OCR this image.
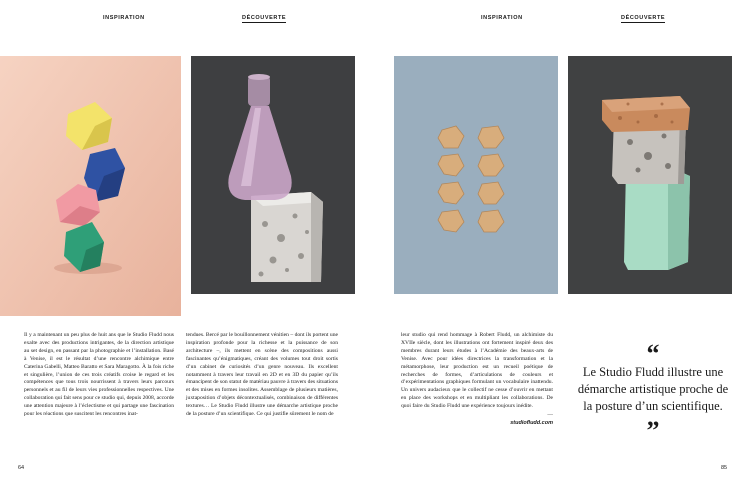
INSPIRATION	DÉCOUVERTE	INSPIRATION	DÉCOUVERTE

Il y a maintenant un peu plus de huit ans que le Studio Fludd nous exalte avec des productions intrigantes, de la direction artistique au set design, en passant par la photographie et l’installation. Basé à Venise, il est le résultat d’une rencontre alchimique entre Caterina Gabelli, Matteo Baratto et Sara Maragotto. À la fois riche et singulière, l’union de ces trois créatifs croise le regard et les compétences que tous trois nourrissent à travers leurs parcours personnels et au fil de leurs vies professionnelles respectives. Une collaboration qui fait sens pour ce studio qui, depuis 2008, accorde une attention majeure à l’éclectisme et qui partage une fascination pour les réactions que suscitent les rencontres inat-

tendues. Bercé par le bouillonnement vénitien – dont ils portent une inspiration profonde pour la richesse et la puissance de son architecture –, ils mettent en scène des compositions aussi fascinantes qu’énigmatiques, créant des volumes tout droit sortis d’un cabinet de curiosités d’un genre nouveau. Ils excellent notamment à travers leur travail en 2D et en 3D du papier qu’ils émancipent de son statut de matériau pauvre à travers des situations et des mises en formes insolites. Assemblage de plusieurs matières, juxtaposition d’objets décontextualisés, combinaison de différentes textures… Le Studio Fludd illustre une démarche artistique proche de la posture d’un scientifique. Ce qui justifie sûrement le nom de

leur studio qui rend hommage à Robert Fludd, un alchimiste du XVIIe siècle, dont les illustrations ont fortement inspiré deux des membres durant leurs études à l’Académie des beaux-arts de Venise. Avec pour idées directrices la transformation et la métamorphose, leur production est un recueil poétique de recherches de formes, d’articulations de couleurs et d’expérimentations graphiques formulant un vocabulaire inattendu. Un univers audacieux que le collectif ne cesse d’ouvrir en mettant en place des workshops et en multipliant les collaborations. De quoi faire du Studio Fludd une expérience toujours inédite.

—
studiofludd.com
“
Le Studio Fludd illustre une démarche artistique proche de la posture d’un scientifique.
”
64	85
